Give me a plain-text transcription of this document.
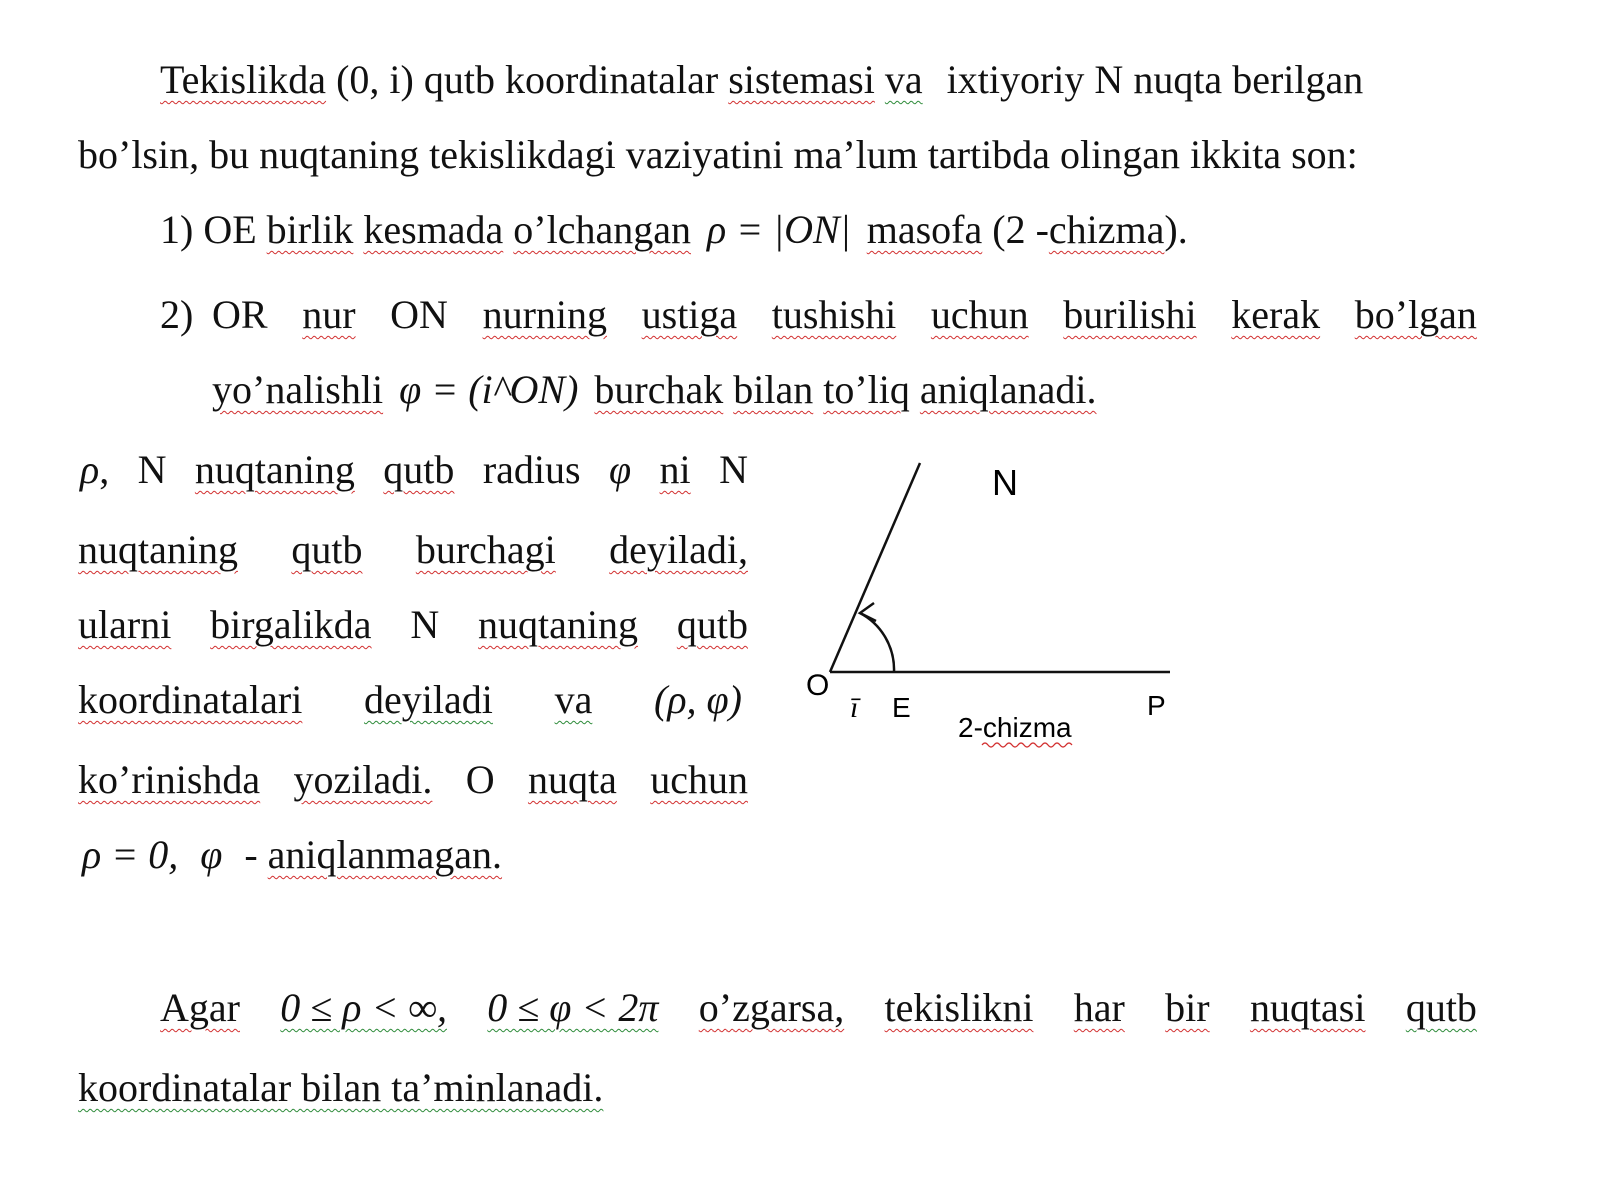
Tekislikda (0, i) qutb koordinatalar sistemasi va ixtiyoriy N nuqta berilgan
bo’lsin, bu nuqtaning tekislikdagi vaziyatini ma’lum tartibda olingan ikkita son:
1) OE birlik kesmada o’lchangan ρ = |ON| masofa (2 -chizma).
2) OR nur ON nurning ustiga tushishi uchun burilishi kerak bo’lgan
yo’nalishli φ = (i^ON) burchak bilan to’liq aniqlanadi.
ρ, N nuqtaning qutb radius φ ni N
nuqtaning qutb burchagi deyiladi,
ularni birgalikda N nuqtaning qutb
koordinatalari deyiladi va (ρ, φ)
ko’rinishda yoziladi. O nuqta uchun
ρ = 0, φ - aniqlanmagan.
N
O
ī E	P
2-chizma
Agar 0 ≤ ρ < ∞, 0 ≤ φ < 2π o’zgarsa, tekislikni har bir nuqtasi qutb
koordinatalar bilan ta’minlanadi.
